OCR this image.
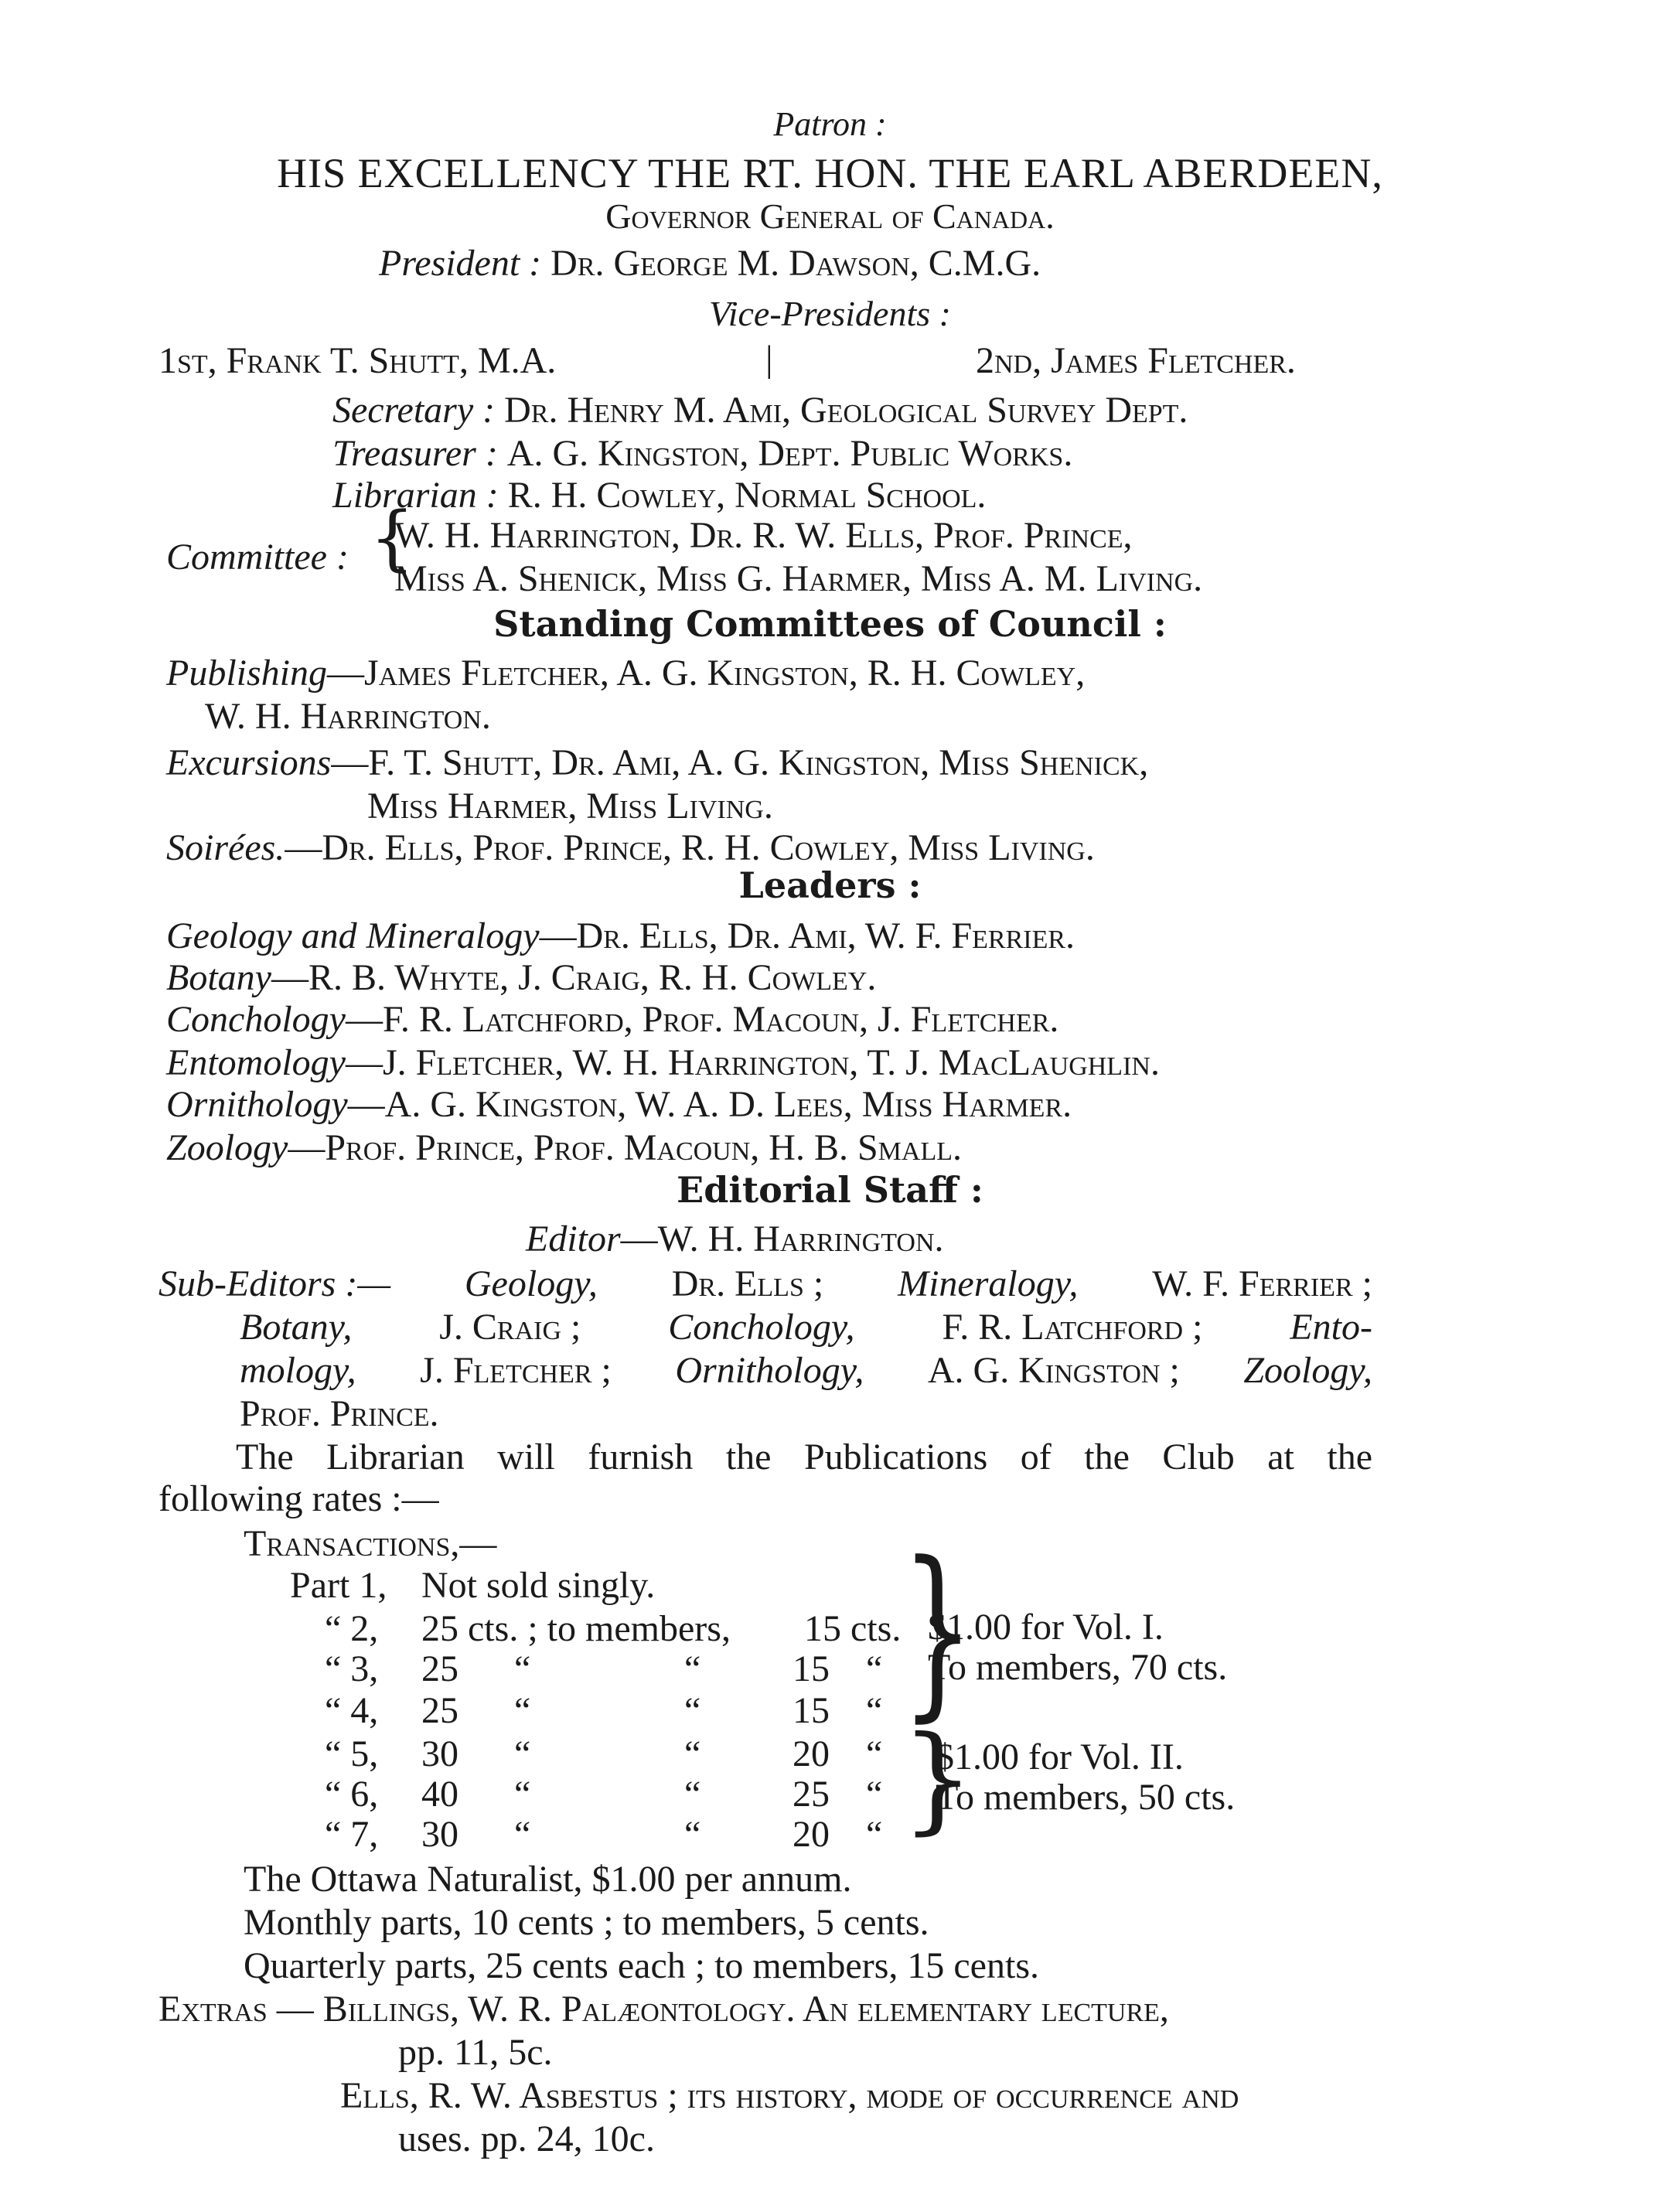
Patron :
HIS EXCELLENCY THE RT. HON. THE EARL ABERDEEN,
Governor General of Canada.
President : Dr. George M. Dawson, C.M.G.
Vice-Presidents :
1st, Frank T. Shutt, M.A.	|	2nd, James Fletcher.
Secretary : Dr. Henry M. Ami, Geological Survey Dept.
Treasurer : A. G. Kingston, Dept. Public Works.
Librarian : R. H. Cowley, Normal School.
Committee : {
W. H. Harrington, Dr. R. W. Ells, Prof. Prince,
Miss A. Shenick, Miss G. Harmer, Miss A. M. Living.
Standing Committees of Council :
Publishing—James Fletcher, A. G. Kingston, R. H. Cowley,
W. H. Harrington.
Excursions—F. T. Shutt, Dr. Ami, A. G. Kingston, Miss Shenick,
Miss Harmer, Miss Living.
Soirées.—Dr. Ells, Prof. Prince, R. H. Cowley, Miss Living.
Leaders :
Geology and Mineralogy—Dr. Ells, Dr. Ami, W. F. Ferrier.
Botany—R. B. Whyte, J. Craig, R. H. Cowley.
Conchology—F. R. Latchford, Prof. Macoun, J. Fletcher.
Entomology—J. Fletcher, W. H. Harrington, T. J. MacLaughlin.
Ornithology—A. G. Kingston, W. A. D. Lees, Miss Harmer.
Zoology—Prof. Prince, Prof. Macoun, H. B. Small.
Editorial Staff :
Editor—W. H. Harrington.
Sub-Editors :— Geology, Dr. Ells ; Mineralogy, W. F. Ferrier ;
Botany, J. Craig ; Conchology, F. R. Latchford ; Ento-
mology, J. Fletcher ; Ornithology, A. G. Kingston ; Zoology,
Prof. Prince.
The Librarian will furnish the Publications of the Club at the
following rates :—
Transactions,—
Part 1, Not sold singly.
“ 2, 25 cts. ; to members, 15 cts.
“ 3, 25 “	“ 15 “
“ 4, 25 “	“ 15 “
“ 5, 30 “	“ 20 “
“ 6, 40 “	“ 25 “
“ 7, 30 “	“ 20 “
}
$1.00 for Vol. I.
To members, 70 cts.
}
$1.00 for Vol. II.
To members, 50 cts.
The Ottawa Naturalist, $1.00 per annum.
Monthly parts, 10 cents ; to members, 5 cents.
Quarterly parts, 25 cents each ; to members, 15 cents.
Extras — Billings, W. R. Palæontology. An elementary lecture,
pp. 11, 5c.
Ells, R. W. Asbestus ; its history, mode of occurrence and
uses. pp. 24, 10c.
